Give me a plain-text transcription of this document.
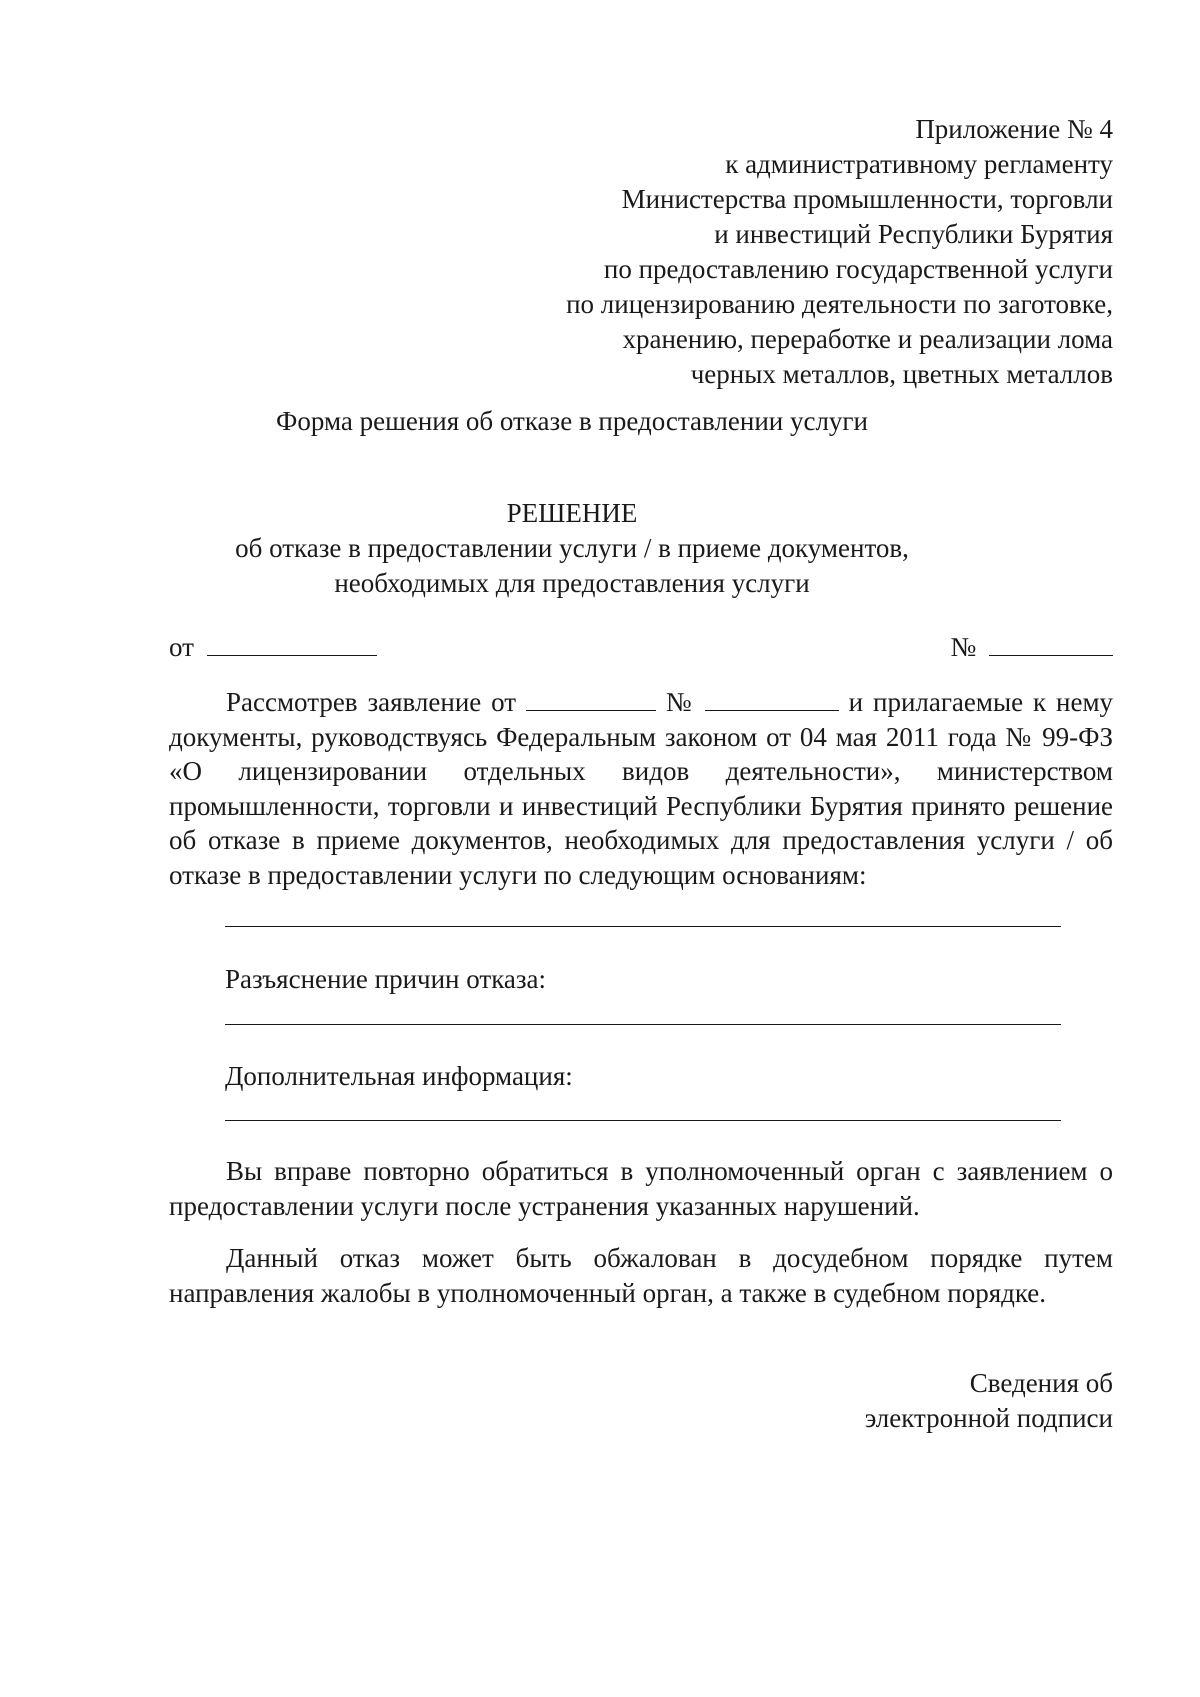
Приложение № 4
к административному регламенту
Министерства промышленности, торговли
и инвестиций Республики Бурятия
по предоставлению государственной услуги
по лицензированию деятельности по заготовке,
хранению, переработке и реализации лома
черных металлов, цветных металлов
Форма решения об отказе в предоставлении услуги
РЕШЕНИЕ
об отказе в предоставлении услуги / в приеме документов,
необходимых для предоставления услуги
от	№
Рассмотрев заявление от	№	и прилагаемые к нему документы, руководствуясь Федеральным законом от 04 мая 2011 года № 99-ФЗ «О лицензировании отдельных видов деятельности», министерством промышленности, торговли и инвестиций Республики Бурятия принято решение об отказе в приеме документов, необходимых для предоставления услуги / об отказе в предоставлении услуги по следующим основаниям:
Разъяснение причин отказа:
Дополнительная информация:
Вы вправе повторно обратиться в уполномоченный орган с заявлением о предоставлении услуги после устранения указанных нарушений.
Данный отказ может быть обжалован в досудебном порядке путем направления жалобы в уполномоченный орган, а также в судебном порядке.
Сведения об
электронной подписи
